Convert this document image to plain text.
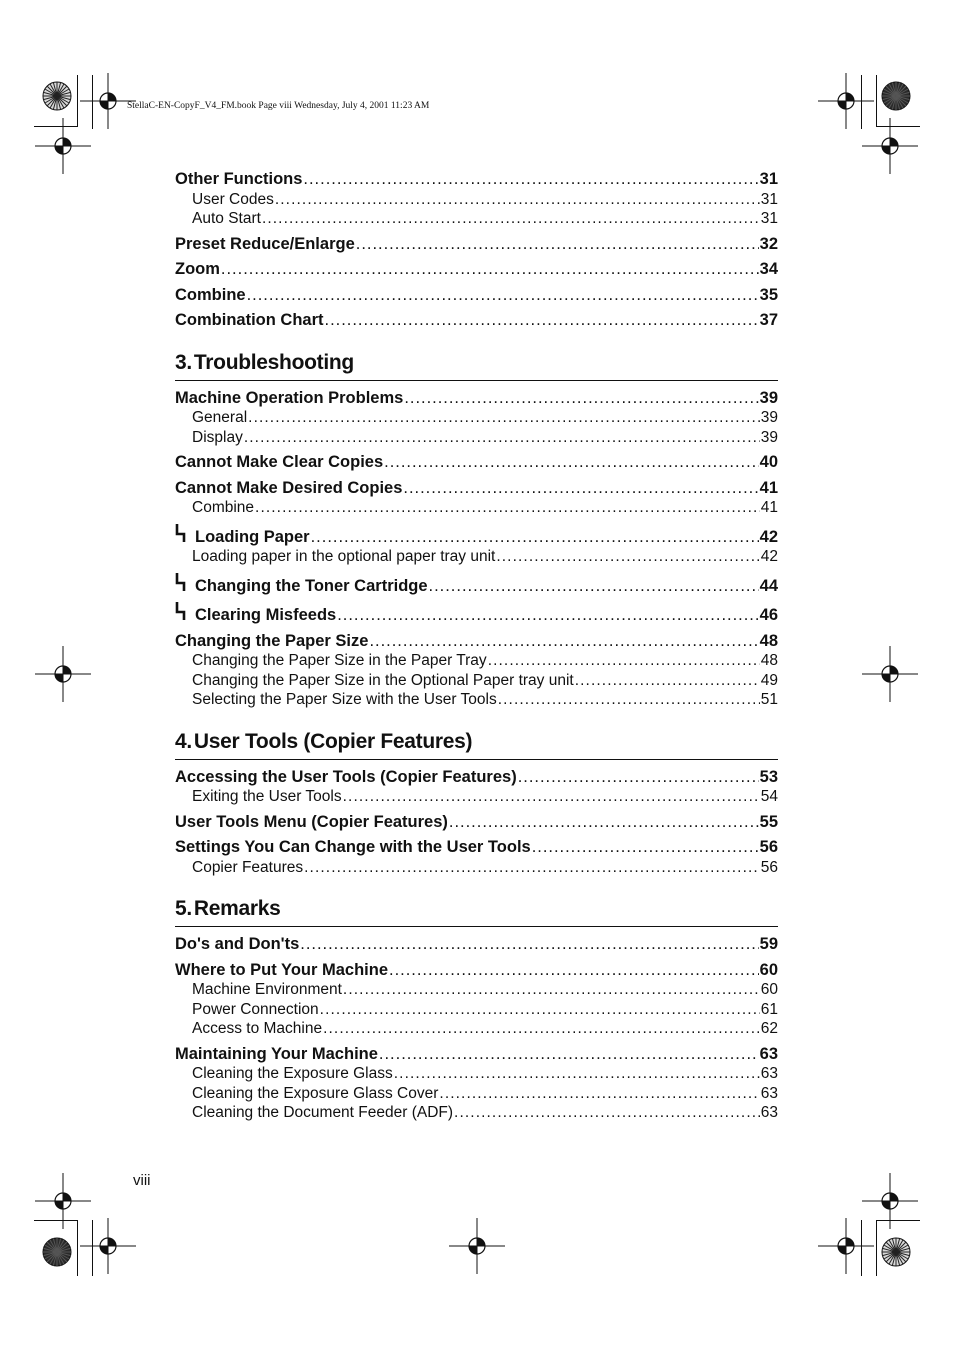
StellaC-EN-CopyF_V4_FM.book Page viii Wednesday, July 4, 2001 11:23 AM
Other Functions . . .	31
User Codes . . .	31
Auto Start . . .	31
Preset Reduce/Enlarge . . .	32
Zoom . . .	34
Combine . . .	35
Combination Chart . . .	37
3.Troubleshooting
Machine Operation Problems . . .	39
General . . .	39
Display . . .	39
Cannot Make Clear Copies . . .	40
Cannot Make Desired Copies . . .	41
Combine . . .	41
Loading Paper . . .	42
Loading paper in the optional paper tray unit . . .	42
Changing the Toner Cartridge . . .	44
Clearing Misfeeds . . .	46
Changing the Paper Size . . .	48
Changing the Paper Size in the Paper Tray . . .	48
Changing the Paper Size in the Optional Paper tray unit . . .	49
Selecting the Paper Size with the User Tools . . .	51
4.User Tools (Copier Features)
Accessing the User Tools (Copier Features) . . .	53
Exiting the User Tools . . .	54
User Tools Menu (Copier Features) . . .	55
Settings You Can Change with the User Tools . . .	56
Copier Features . . .	56
5.Remarks
Do's and Don'ts . . .	59
Where to Put Your Machine . . .	60
Machine Environment . . .	60
Power Connection . . .	61
Access to Machine . . .	62
Maintaining Your Machine . . .	63
Cleaning the Exposure Glass . . .	63
Cleaning the Exposure Glass Cover . . .	63
Cleaning the Document Feeder (ADF) . . .	63
viii
